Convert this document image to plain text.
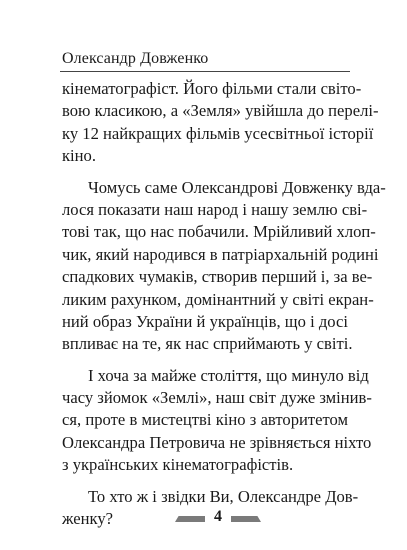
Олександр Довженко
кінематографіст. Його фільми стали світо-
вою класикою, а «Земля» увійшла до перелі-
ку 12 найкращих фільмів усесвітньої історії
кіно.
Чомусь саме Олександрові Довженку вда-
лося показати наш народ і нашу землю сві-
тові так, що нас побачили. Мрійливий хлоп-
чик, який народився в патріархальній родині
спадкових чумаків, створив перший і, за ве-
ликим рахунком, домінантний у світі екран-
ний образ України й українців, що і досі
впливає на те, як нас сприймають у світі.
І хоча за майже століття, що минуло від
часу зйомок «Землі», наш світ дуже змінив-
ся, проте в мистецтві кіно з авторитетом
Олександра Петровича не зрівняється ніхто
з українських кінематографістів.
То хто ж і звідки Ви, Олександре Дов-
женку?	4
